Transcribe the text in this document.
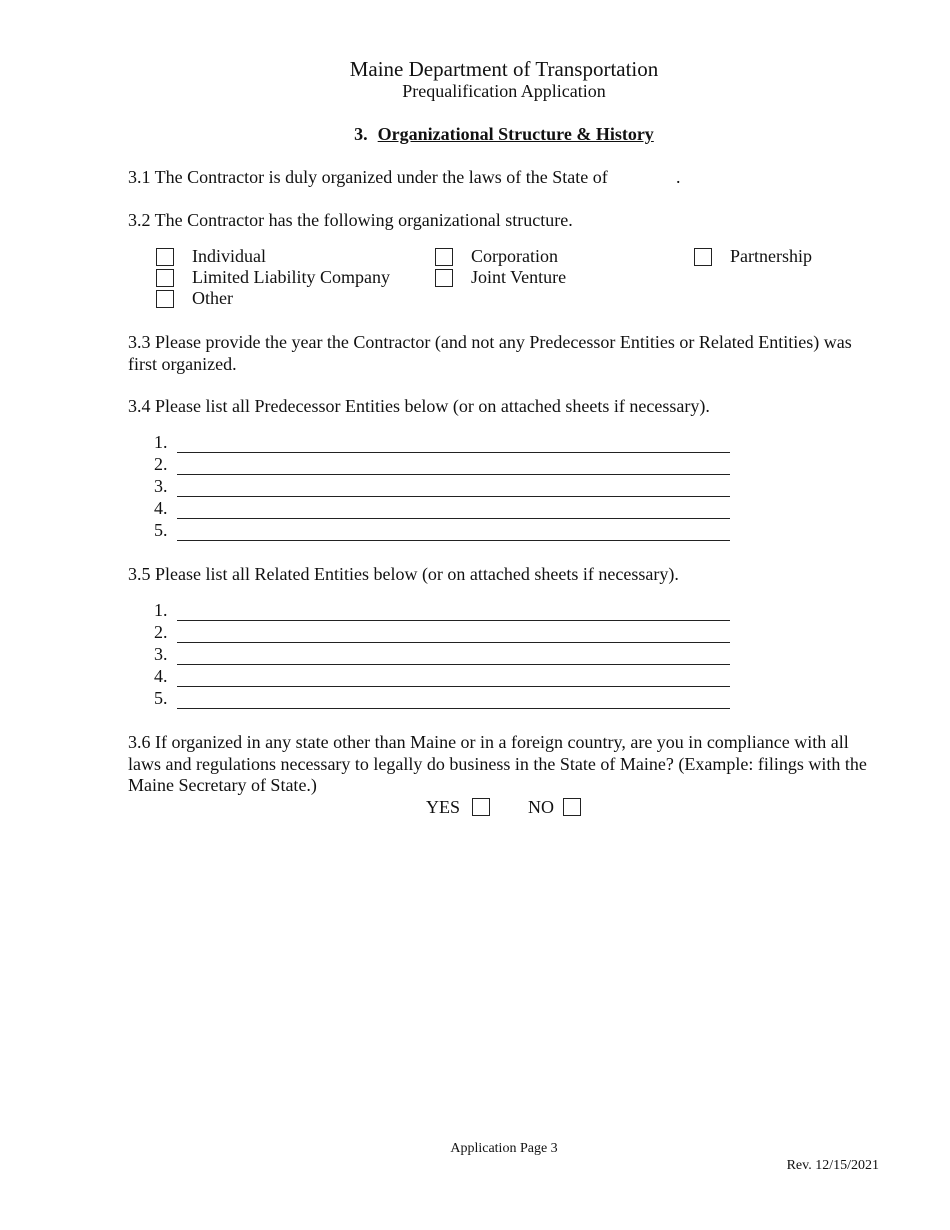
Maine Department of Transportation
Prequalification Application
3. Organizational Structure & History
3.1 The Contractor is duly organized under the laws of the State of	.
3.2 The Contractor has the following organizational structure.
Individual	Corporation	Partnership
Limited Liability Company	Joint Venture
Other
3.3 Please provide the year the Contractor (and not any Predecessor Entities or Related Entities) was first organized.
3.4 Please list all Predecessor Entities below (or on attached sheets if necessary).
1.
2.
3.
4.
5.
3.5 Please list all Related Entities below (or on attached sheets if necessary).
1.
2.
3.
4.
5.
3.6 If organized in any state other than Maine or in a foreign country, are you in compliance with all laws and regulations necessary to legally do business in the State of Maine? (Example: filings with the Maine Secretary of State.)
YES	NO
Application Page 3
Rev. 12/15/2021
